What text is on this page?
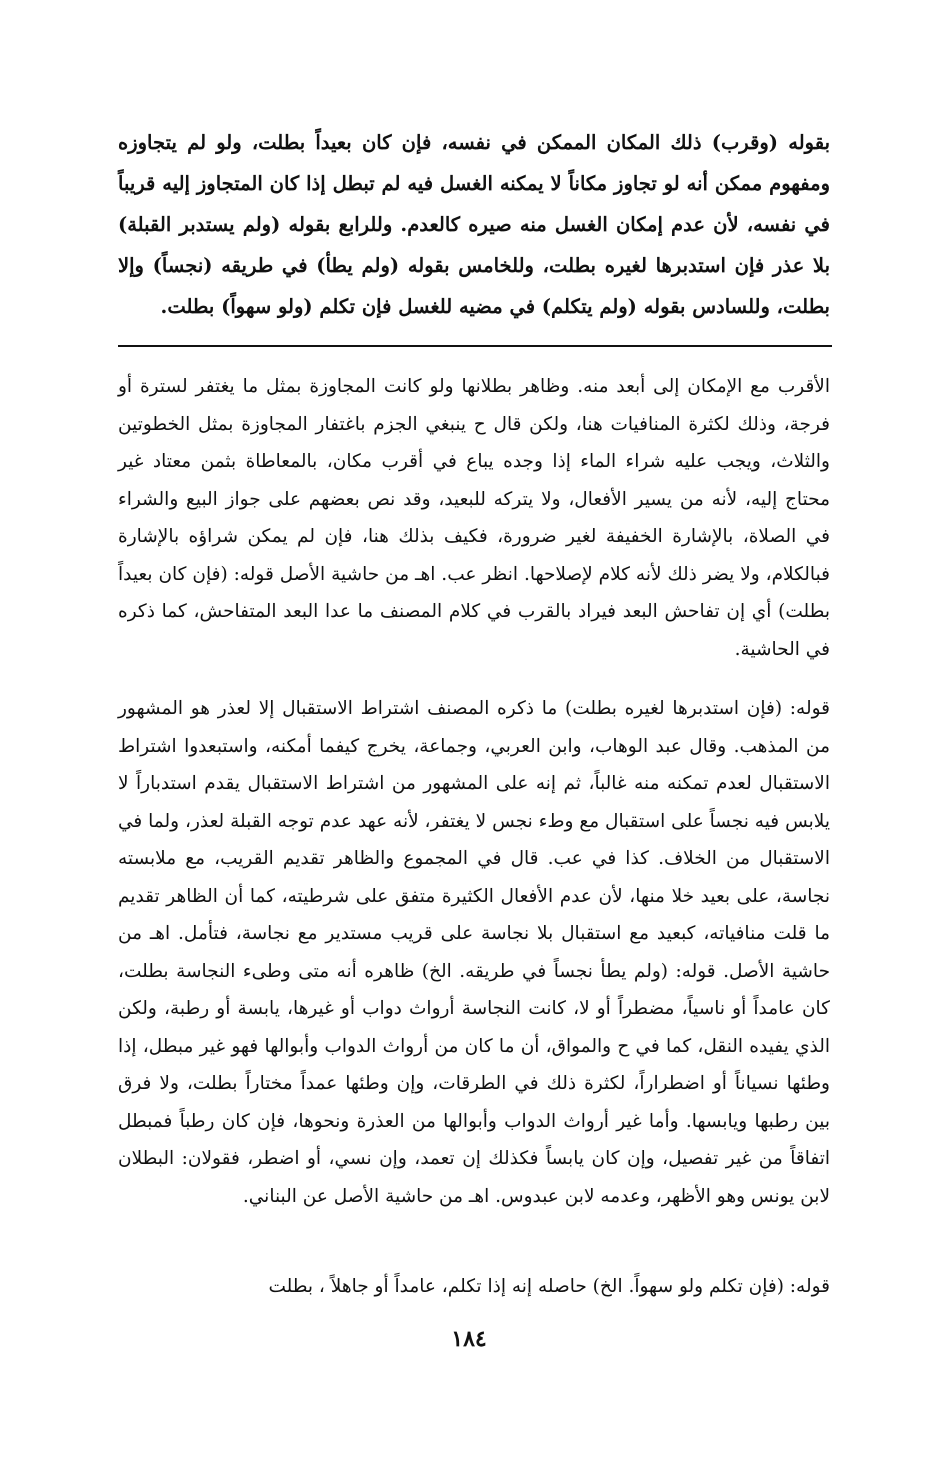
بقوله (وقرب) ذلك المكان الممكن في نفسه، فإن كان بعيداً بطلت، ولو لم يتجاوزه ومفهوم ممكن أنه لو تجاوز مكاناً لا يمكنه الغسل فيه لم تبطل إذا كان المتجاوز إليه قريباً في نفسه، لأن عدم إمكان الغسل منه صيره كالعدم. وللرابع بقوله (ولم يستدبر القبلة) بلا عذر فإن استدبرها لغيره بطلت، وللخامس بقوله (ولم يطأ) في طريقه (نجساً) وإلا بطلت، وللسادس بقوله (ولم يتكلم) في مضيه للغسل فإن تكلم (ولو سهواً) بطلت.

الأقرب مع الإمكان إلى أبعد منه. وظاهر بطلانها ولو كانت المجاوزة بمثل ما يغتفر لسترة أو فرجة، وذلك لكثرة المنافيات هنا، ولكن قال ح ينبغي الجزم باغتفار المجاوزة بمثل الخطوتين والثلاث، ويجب عليه شراء الماء إذا وجده يباع في أقرب مكان، بالمعاطاة بثمن معتاد غير محتاج إليه، لأنه من يسير الأفعال، ولا يتركه للبعيد، وقد نص بعضهم على جواز البيع والشراء في الصلاة، بالإشارة الخفيفة لغير ضرورة، فكيف بذلك هنا، فإن لم يمكن شراؤه بالإشارة فبالكلام، ولا يضر ذلك لأنه كلام لإصلاحها. انظر عب. اهـ من حاشية الأصل قوله: (فإن كان بعيداً بطلت) أي إن تفاحش البعد فيراد بالقرب في كلام المصنف ما عدا البعد المتفاحش، كما ذكره في الحاشية.

قوله: (فإن استدبرها لغيره بطلت) ما ذكره المصنف اشتراط الاستقبال إلا لعذر هو المشهور من المذهب. وقال عبد الوهاب، وابن العربي، وجماعة، يخرج كيفما أمكنه، واستبعدوا اشتراط الاستقبال لعدم تمكنه منه غالباً، ثم إنه على المشهور من اشتراط الاستقبال يقدم استدباراً لا يلابس فيه نجساً على استقبال مع وطء نجس لا يغتفر، لأنه عهد عدم توجه القبلة لعذر، ولما في الاستقبال من الخلاف. كذا في عب. قال في المجموع والظاهر تقديم القريب، مع ملابسته نجاسة، على بعيد خلا منها، لأن عدم الأفعال الكثيرة متفق على شرطيته، كما أن الظاهر تقديم ما قلت منافياته، كبعيد مع استقبال بلا نجاسة على قريب مستدير مع نجاسة، فتأمل. اهـ من حاشية الأصل. قوله: (ولم يطأ نجساً في طريقه. الخ) ظاهره أنه متى وطىء النجاسة بطلت، كان عامداً أو ناسياً، مضطراً أو لا، كانت النجاسة أرواث دواب أو غيرها، يابسة أو رطبة، ولكن الذي يفيده النقل، كما في ح والمواق، أن ما كان من أرواث الدواب وأبوالها فهو غير مبطل، إذا وطئها نسياناً أو اضطراراً، لكثرة ذلك في الطرقات، وإن وطئها عمداً مختاراً بطلت، ولا فرق بين رطبها ويابسها. وأما غير أرواث الدواب وأبوالها من العذرة ونحوها، فإن كان رطباً فمبطل اتفاقاً من غير تفصيل، وإن كان يابساً فكذلك إن تعمد، وإن نسي، أو اضطر، فقولان: البطلان لابن يونس وهو الأظهر، وعدمه لابن عبدوس. اهـ من حاشية الأصل عن البناني.

قوله: (فإن تكلم ولو سهواً. الخ) حاصله إنه إذا تكلم، عامداً أو جاهلاً ، بطلت

١٨٤
